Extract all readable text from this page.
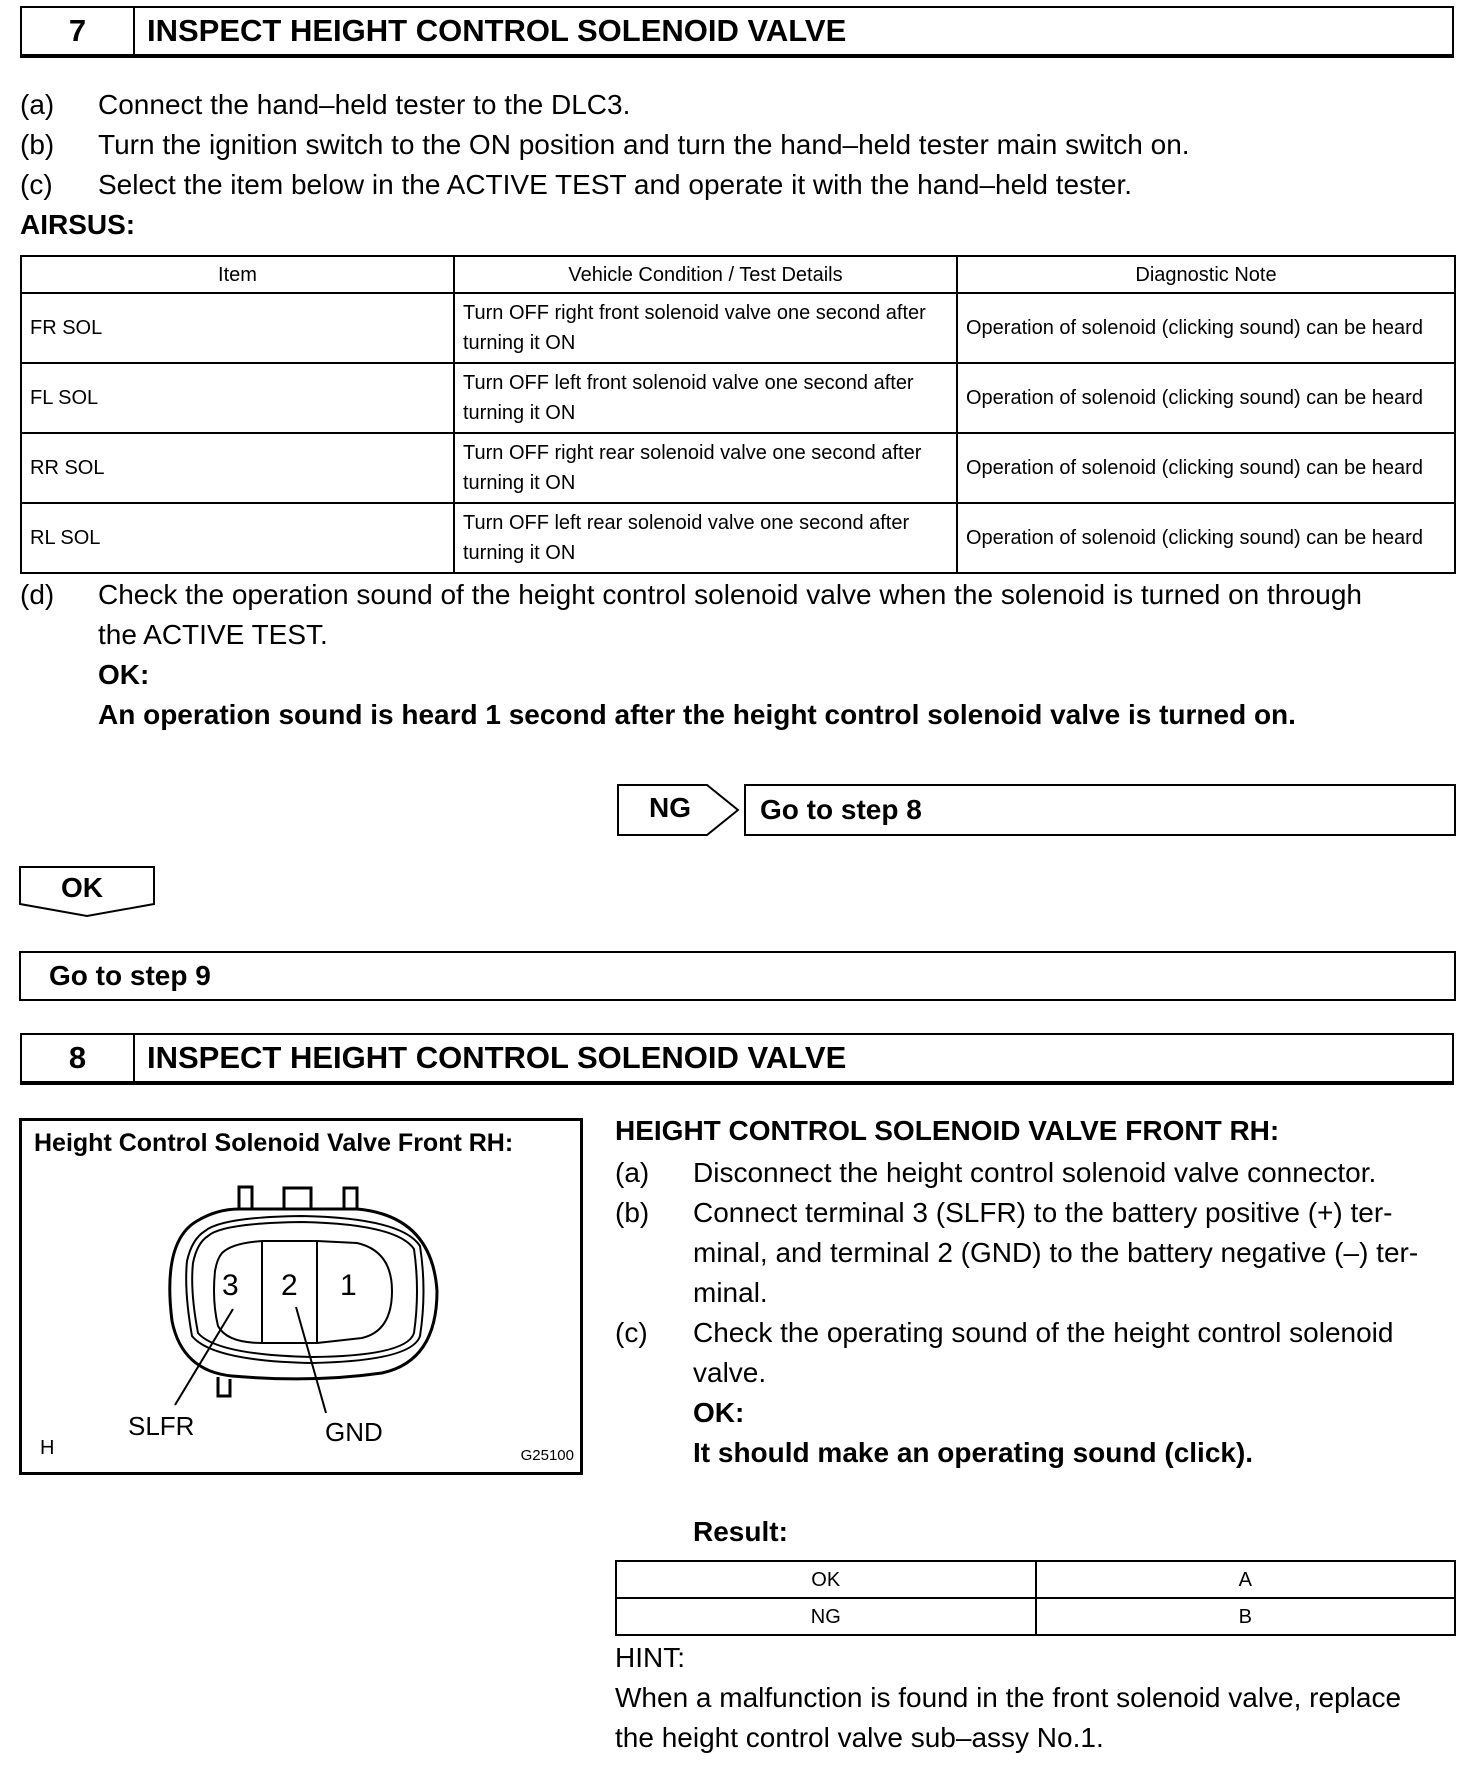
7	INSPECT HEIGHT CONTROL SOLENOID VALVE
(a) Connect the hand–held tester to the DLC3.
(b) Turn the ignition switch to the ON position and turn the hand–held tester main switch on.
(c) Select the item below in the ACTIVE TEST and operate it with the hand–held tester.
AIRSUS:
Item	Vehicle Condition / Test Details	Diagnostic Note
FR SOL	Turn OFF right front solenoid valve one second after turning it ON	Operation of solenoid (clicking sound) can be heard
FL SOL	Turn OFF left front solenoid valve one second after turning it ON	Operation of solenoid (clicking sound) can be heard
RR SOL	Turn OFF right rear solenoid valve one second after turning it ON	Operation of solenoid (clicking sound) can be heard
RL SOL	Turn OFF left rear solenoid valve one second after turning it ON	Operation of solenoid (clicking sound) can be heard
(d) Check the operation sound of the height control solenoid valve when the solenoid is turned on through
the ACTIVE TEST.
OK:
An operation sound is heard 1 second after the height control solenoid valve is turned on.
NG	Go to step 8
OK
Go to step 9
8	INSPECT HEIGHT CONTROL SOLENOID VALVE
Height Control Solenoid Valve Front RH:
3 2 1
SLFR	GND
H	G25100
HEIGHT CONTROL SOLENOID VALVE FRONT RH:
(a) Disconnect the height control solenoid valve connector.
(b) Connect terminal 3 (SLFR) to the battery positive (+) ter-
minal, and terminal 2 (GND) to the battery negative (–) ter-
minal.
(c) Check the operating sound of the height control solenoid
valve.
OK:
It should make an operating sound (click).
Result:
OK	A
NG	B
HINT:
When a malfunction is found in the front solenoid valve, replace
the height control valve sub–assy No.1.
